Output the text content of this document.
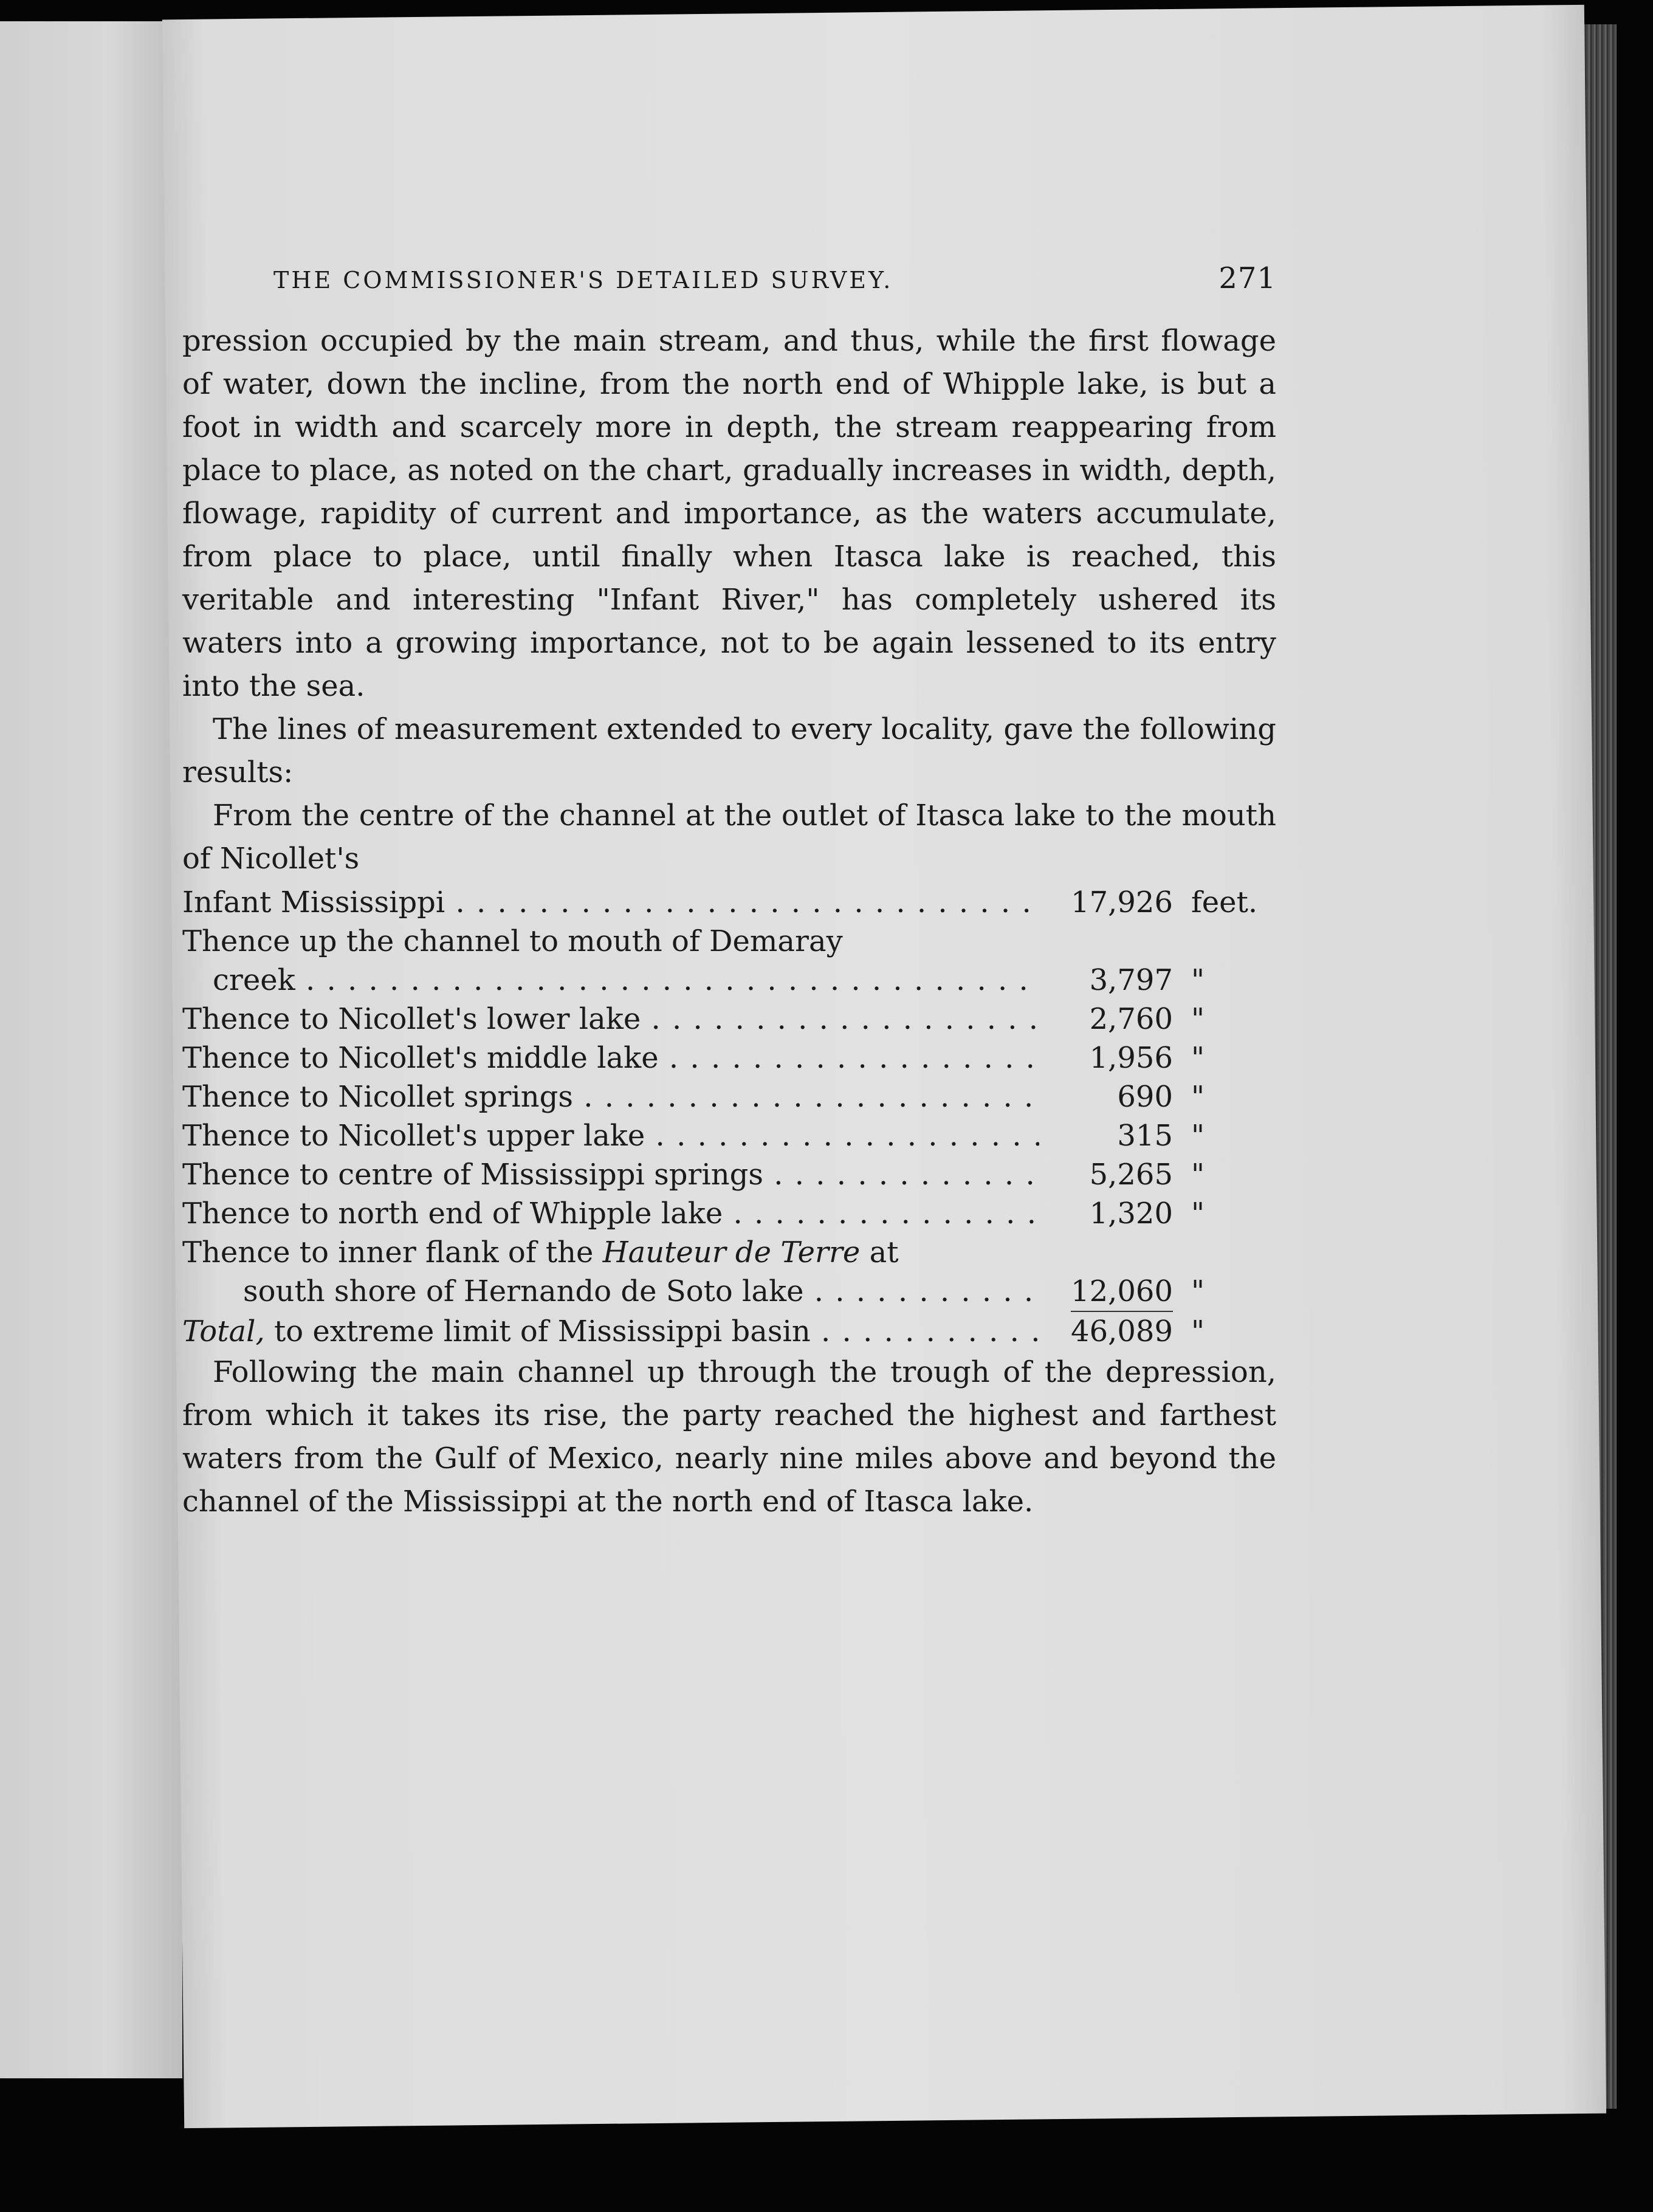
THE COMMISSIONER'S DETAILED SURVEY.	271

pression occupied by the main stream, and thus, while the first flowage of water, down the incline, from the north end of Whipple lake, is but a foot in width and scarcely more in depth, the stream reappearing from place to place, as noted on the chart, gradually increases in width, depth, flowage, rapidity of current and importance, as the waters accumulate, from place to place, until finally when Itasca lake is reached, this veritable and interesting "Infant River," has completely ushered its waters into a growing importance, not to be again lessened to its entry into the sea.

The lines of measurement extended to every locality, gave the following results:

From the centre of the channel at the outlet of Itasca lake to the mouth of Nicollet's

Infant Mississippi . . .	17,926 feet.
Thence up the channel to mouth of Demaray
creek . . .	3,797 "
Thence to Nicollet's lower lake . . .	2,760 "
Thence to Nicollet's middle lake . . .	1,956 "
Thence to Nicollet springs . . .	690 "
Thence to Nicollet's upper lake . . .	315 "
Thence to centre of Mississippi springs . . .	5,265 "
Thence to north end of Whipple lake . . .	1,320 "
Thence to inner flank of the Hauteur de Terre at
south shore of Hernando de Soto lake . . .	12,060 "
Total, to extreme limit of Mississippi basin . . .	46,089 "

Following the main channel up through the trough of the depression, from which it takes its rise, the party reached the highest and farthest waters from the Gulf of Mexico, nearly nine miles above and beyond the channel of the Mississippi at the north end of Itasca lake.
